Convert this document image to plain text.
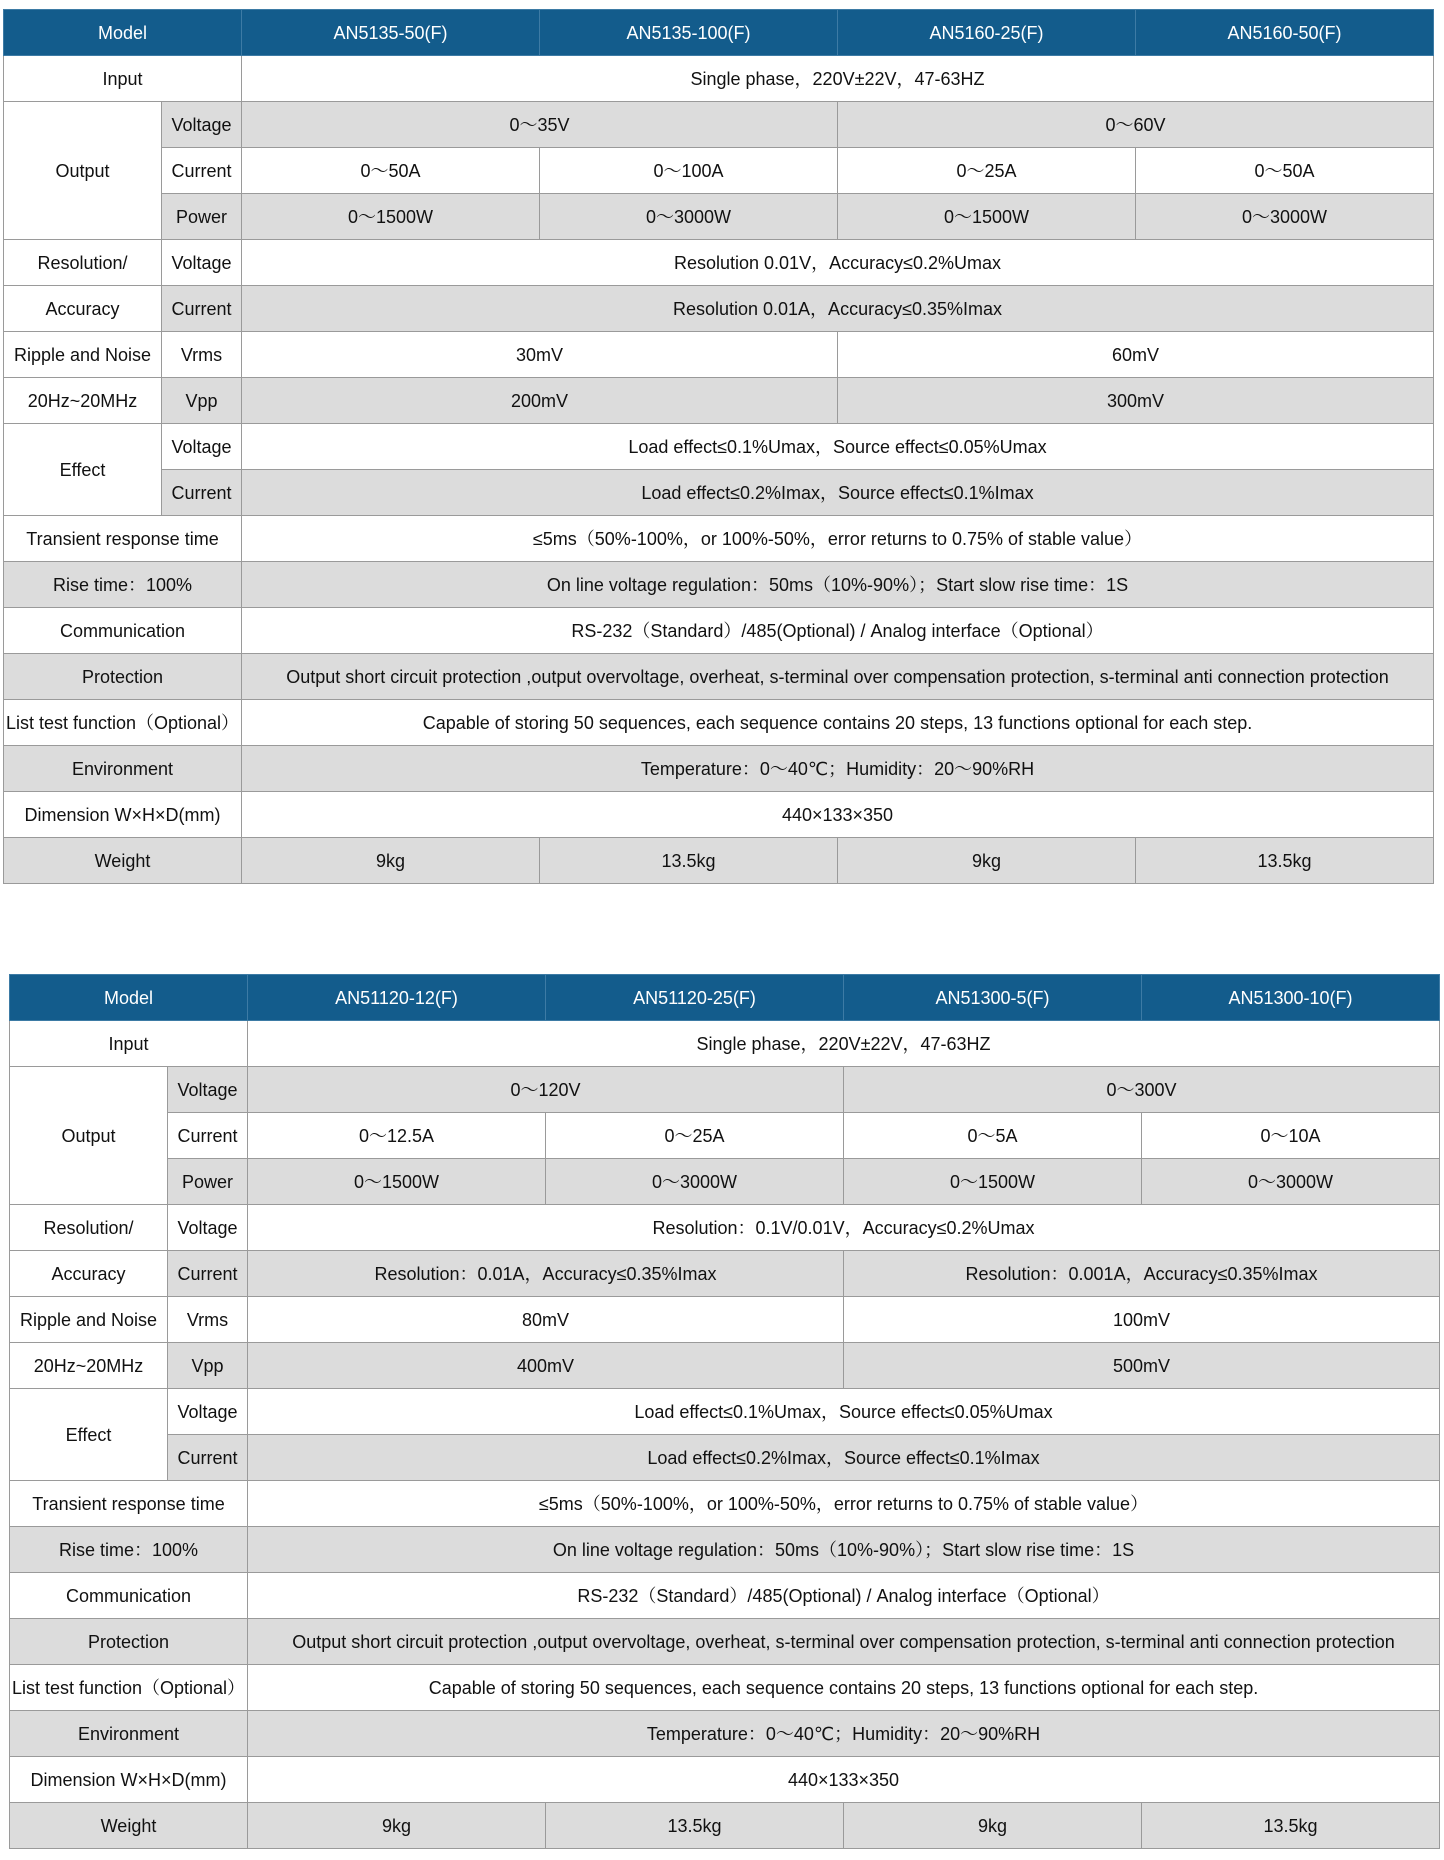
Model		AN5135-50(F)	AN5135-100(F)	AN5160-25(F)	AN5160-50(F)
Input		Single phase，220V±22V，47-63HZ			
Output	Voltage	0～35V		0～60V	
	Current	0～50A	0～100A	0～25A	0～50A
	Power	0～1500W	0～3000W	0～1500W	0～3000W
Resolution/	Voltage	Resolution 0.01V，Accuracy≤0.2%Umax			
Accuracy	Current	Resolution 0.01A，Accuracy≤0.35%Imax			
Ripple and Noise	Vrms	30mV		60mV	
20Hz~20MHz	Vpp	200mV		300mV	
Effect	Voltage	Load effect≤0.1%Umax，Source effect≤0.05%Umax			
	Current	Load effect≤0.2%Imax，Source effect≤0.1%Imax			
Transient response time		≤5ms（50%-100%，or 100%-50%，error returns to 0.75% of stable value）			
Rise time：100%		On line voltage regulation：50ms（10%-90%）；Start slow rise time：1S			
Communication		RS-232（Standard）/485(Optional) / Analog interface（Optional）			
Protection		Output short circuit protection ,output overvoltage, overheat, s-terminal over compensation protection, s-terminal anti connection protection			
List test function（Optional）		Capable of storing 50 sequences, each sequence contains 20 steps, 13 functions optional for each step.			
Environment		Temperature：0～40℃；Humidity：20～90%RH			
Dimension W×H×D(mm)		440×133×350			
Weight		9kg	13.5kg	9kg	13.5kg
Model		AN51120-12(F)	AN51120-25(F)	AN51300-5(F)	AN51300-10(F)
Input		Single phase，220V±22V，47-63HZ			
Output	Voltage	0～120V		0～300V	
	Current	0～12.5A	0～25A	0～5A	0～10A
	Power	0～1500W	0～3000W	0～1500W	0～3000W
Resolution/	Voltage	Resolution：0.1V/0.01V，Accuracy≤0.2%Umax			
Accuracy	Current	Resolution：0.01A，Accuracy≤0.35%Imax		Resolution：0.001A，Accuracy≤0.35%Imax	
Ripple and Noise	Vrms	80mV		100mV	
20Hz~20MHz	Vpp	400mV		500mV	
Effect	Voltage	Load effect≤0.1%Umax，Source effect≤0.05%Umax			
	Current	Load effect≤0.2%Imax，Source effect≤0.1%Imax			
Transient response time		≤5ms（50%-100%，or 100%-50%，error returns to 0.75% of stable value）			
Rise time：100%		On line voltage regulation：50ms（10%-90%）；Start slow rise time：1S			
Communication		RS-232（Standard）/485(Optional) / Analog interface（Optional）			
Protection		Output short circuit protection ,output overvoltage, overheat, s-terminal over compensation protection, s-terminal anti connection protection			
List test function（Optional）		Capable of storing 50 sequences, each sequence contains 20 steps, 13 functions optional for each step.			
Environment		Temperature：0～40℃；Humidity：20～90%RH			
Dimension W×H×D(mm)		440×133×350			
Weight		9kg	13.5kg	9kg	13.5kg
